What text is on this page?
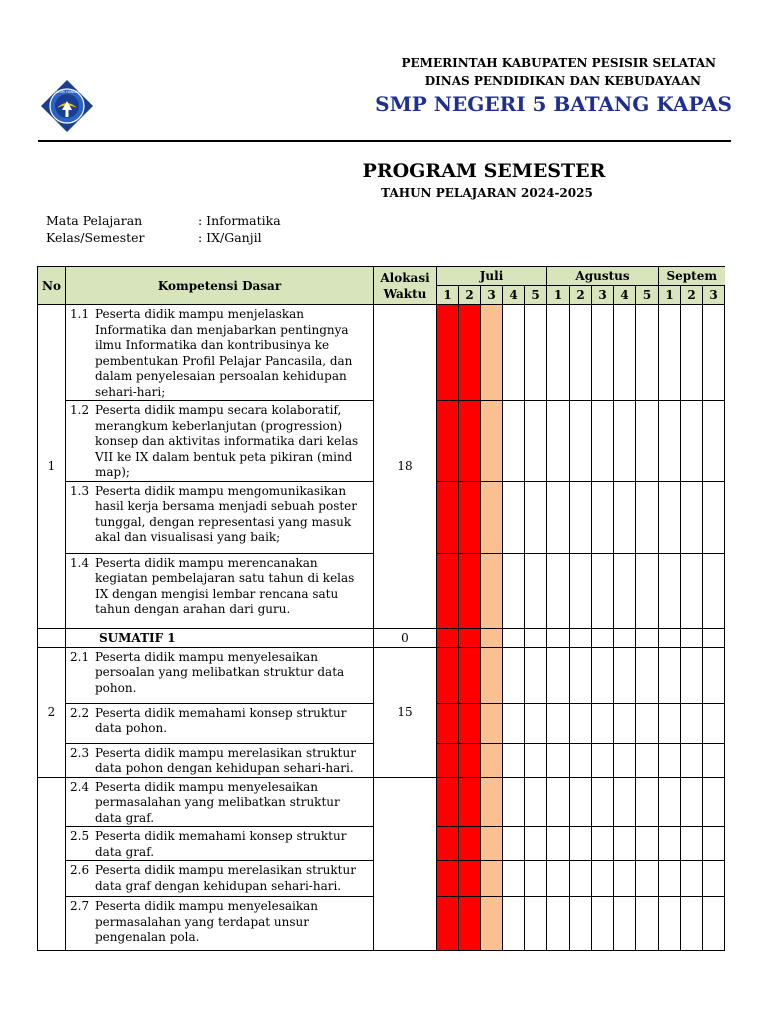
TUT WURI HANDAYANI
PEMERINTAH KABUPATEN PESISIR SELATAN
DINAS PENDIDIKAN DAN KEBUDAYAAN
SMP NEGERI 5 BATANG KAPAS
PROGRAM SEMESTER
TAHUN PELAJARAN 2024-2025
Mata Pelajaran	: Informatika
Kelas/Semester	: IX/Ganjil
No	Kompetensi Dasar	Alokasi Waktu	Juli					Agustus					Septem		
			1	2	3	4	5	1	2	3	4	5	1	2	3
1	1.1 Peserta didik mampu menjelaskan Informatika dan menjabarkan pentingnya ilmu Informatika dan kontribusinya ke pembentukan Profil Pelajar Pancasila, dan dalam penyelesaian persoalan kehidupan sehari-hari;	18													

	1.2 Peserta didik mampu secara kolaboratif, merangkum keberlanjutan (progression) konsep dan aktivitas informatika dari kelas VII ke IX dalam bentuk peta pikiran (mind map);														

	1.3 Peserta didik mampu mengomunikasikan hasil kerja bersama menjadi sebuah poster tunggal, dengan representasi yang masuk akal dan visualisasi yang baik;														

	1.4 Peserta didik mampu merencanakan kegiatan pembelajaran satu tahun di kelas IX dengan mengisi lembar rencana satu tahun dengan arahan dari guru.														

	SUMATIF 1	0													
2	2.1 Peserta didik mampu menyelesaikan persoalan yang melibatkan struktur data pohon.	15													

	2.2 Peserta didik memahami konsep struktur data pohon.														

	2.3 Peserta didik mampu merelasikan struktur data pohon dengan kehidupan sehari-hari.														

	2.4 Peserta didik mampu menyelesaikan permasalahan yang melibatkan struktur data graf.														

	2.5 Peserta didik memahami konsep struktur data graf.														

	2.6 Peserta didik mampu merelasikan struktur data graf dengan kehidupan sehari-hari.														

	2.7 Peserta didik mampu menyelesaikan permasalahan yang terdapat unsur pengenalan pola.														
